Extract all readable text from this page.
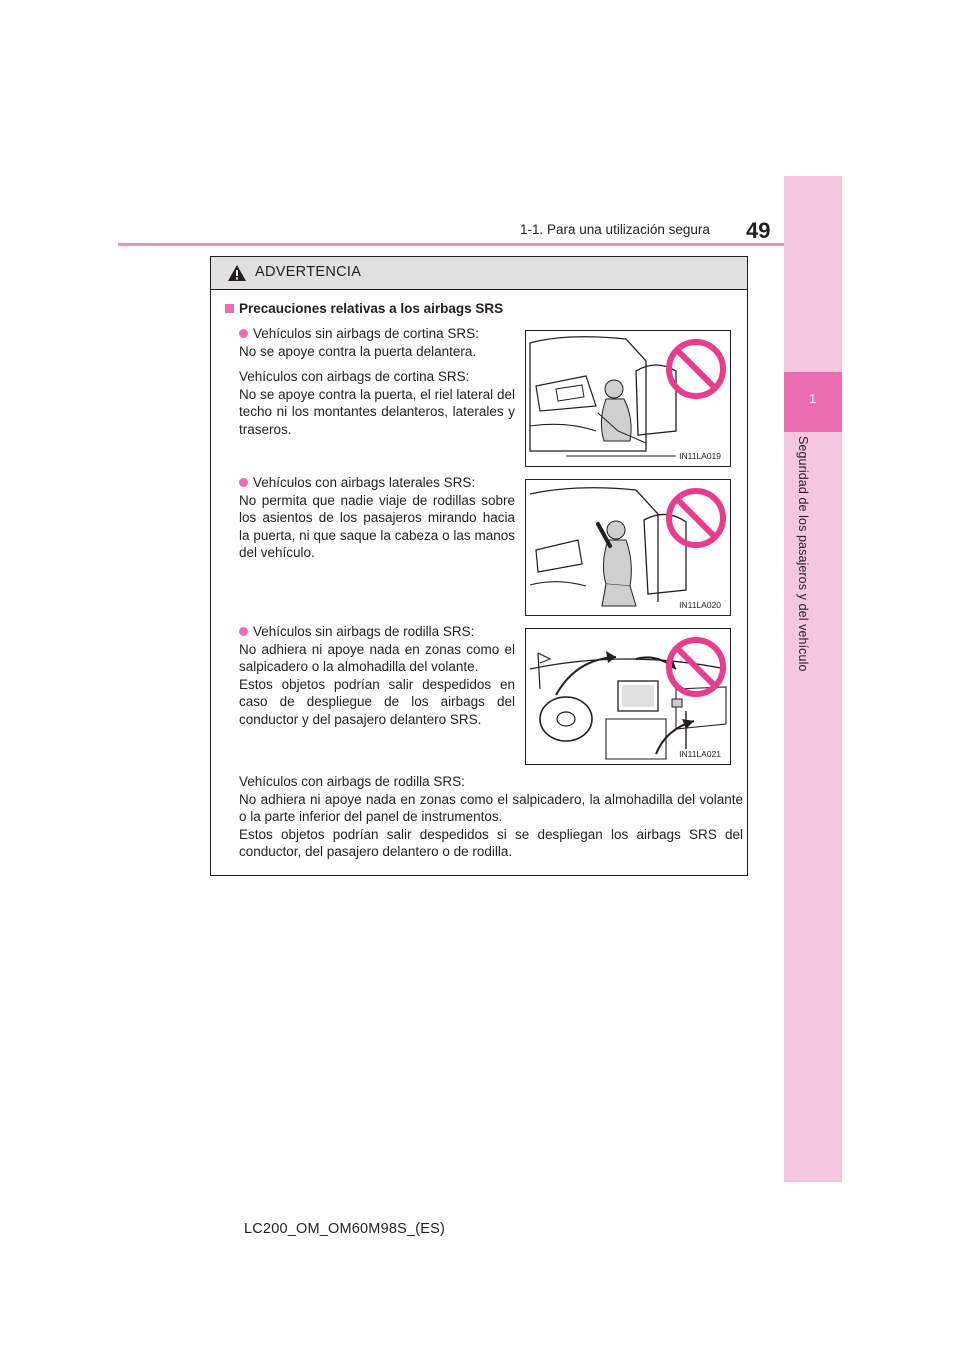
1-1. Para una utilización segura 49
1
Seguridad de los pasajeros y del vehículo
ADVERTENCIA
Precauciones relativas a los airbags SRS

Vehículos sin airbags de cortina SRS:

No se apoye contra la puerta delantera.

Vehículos con airbags de cortina SRS:

No se apoye contra la puerta, el riel lateral del techo ni los montantes delanteros, laterales y traseros.

IN11LA019

Vehículos con airbags laterales SRS:

No permita que nadie viaje de rodillas sobre los asientos de los pasajeros mirando hacia la puerta, ni que saque la cabeza o las manos del vehículo.

IN11LA020

Vehículos sin airbags de rodilla SRS:

No adhiera ni apoye nada en zonas como el salpicadero o la almohadilla del volante.

Estos objetos podrían salir despedidos en caso de despliegue de los airbags del conductor y del pasajero delantero SRS.

IN11LA021

Vehículos con airbags de rodilla SRS:

No adhiera ni apoye nada en zonas como el salpicadero, la almohadilla del volante o la parte inferior del panel de instrumentos.

Estos objetos podrían salir despedidos si se despliegan los airbags SRS del conductor, del pasajero delantero o de rodilla.

LC200_OM_OM60M98S_(ES)
